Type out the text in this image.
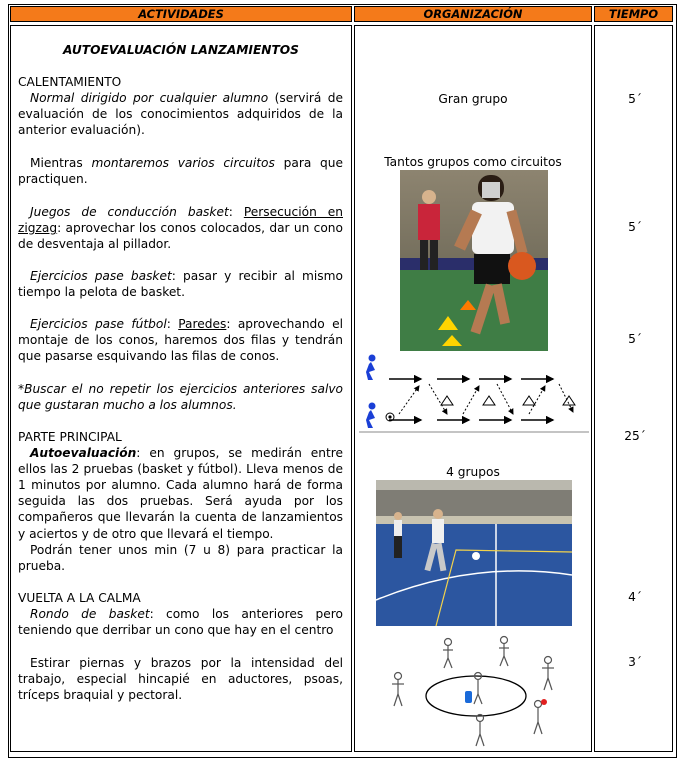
ACTIVIDADES	ORGANIZACIÓN	TIEMPO
AUTOEVALUACIÓN LANZAMIENTOS

CALENTAMIENTO

Normal dirigido por cualquier alumno (servirá de evaluación de los conocimientos adquiridos de la anterior evaluación).

Mientras montaremos varios circuitos para que practiquen.

Juegos de conducción basket: Persecución en zigzag: aprovechar los conos colocados, dar un cono de desventaja al pillador.

Ejercicios pase basket: pasar y recibir al mismo tiempo la pelota de basket.

Ejercicios pase fútbol: Paredes: aprovechando el montaje de los conos, haremos dos filas y tendrán que pasarse esquivando las filas de conos.

*Buscar el no repetir los ejercicios anteriores salvo que gustaran mucho a los alumnos.

PARTE PRINCIPAL

Autoevaluación: en grupos, se medirán entre ellos las 2 pruebas (basket y fútbol). Lleva menos de 1 minutos por alumno. Cada alumno hará de forma seguida las dos pruebas. Será ayuda por los compañeros que llevarán la cuenta de lanzamientos y aciertos y de otro que llevará el tiempo.

Podrán tener unos min (7 u 8) para practicar la prueba.

VUELTA A LA CALMA

Rondo de basket: como los anteriores pero teniendo que derribar un cono que hay en el centro

Estirar piernas y brazos por la intensidad del trabajo, especial hincapié en aductores, psoas, tríceps braquial y pectoral.

Gran grupo
Tantos grupos como circuitos
4 grupos
5´
5´
5´
25´
4´
3´
